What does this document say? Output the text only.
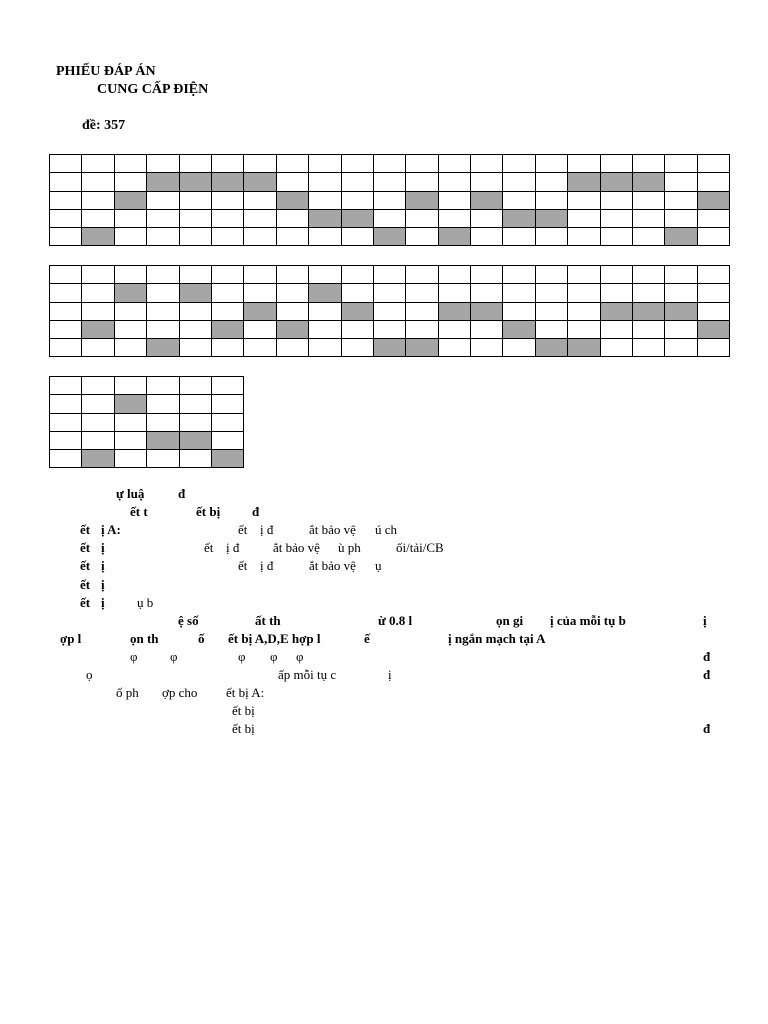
PHIẾU ĐÁP ÁN
CUNG CẤP ĐIỆN
đề: 357

ự luậ	đ
ết t	ết bị đ
ết ị A:	ết ị đ	ắt bảo vệ ú ch
ết ị	ết ị đ	ắt bảo vệ ù ph	ối/tải/CB
ết ị	ết ị đ	ắt bảo vệ ụ
ết ị
ết ị ụ b
ệ số	ất th	ừ 0.8 l	ọn gi ị của mỗi tụ b	ị
ợp l	ọn th	ố ết bị A,D,E hợp l	ế	ị ngắn mạch tại A
φ φ	φ φ φ	đ
ọ	ấp mỗi tụ c	ị	đ
ố ph ợp cho ết bị A:
ết bị
ết bị	đ
